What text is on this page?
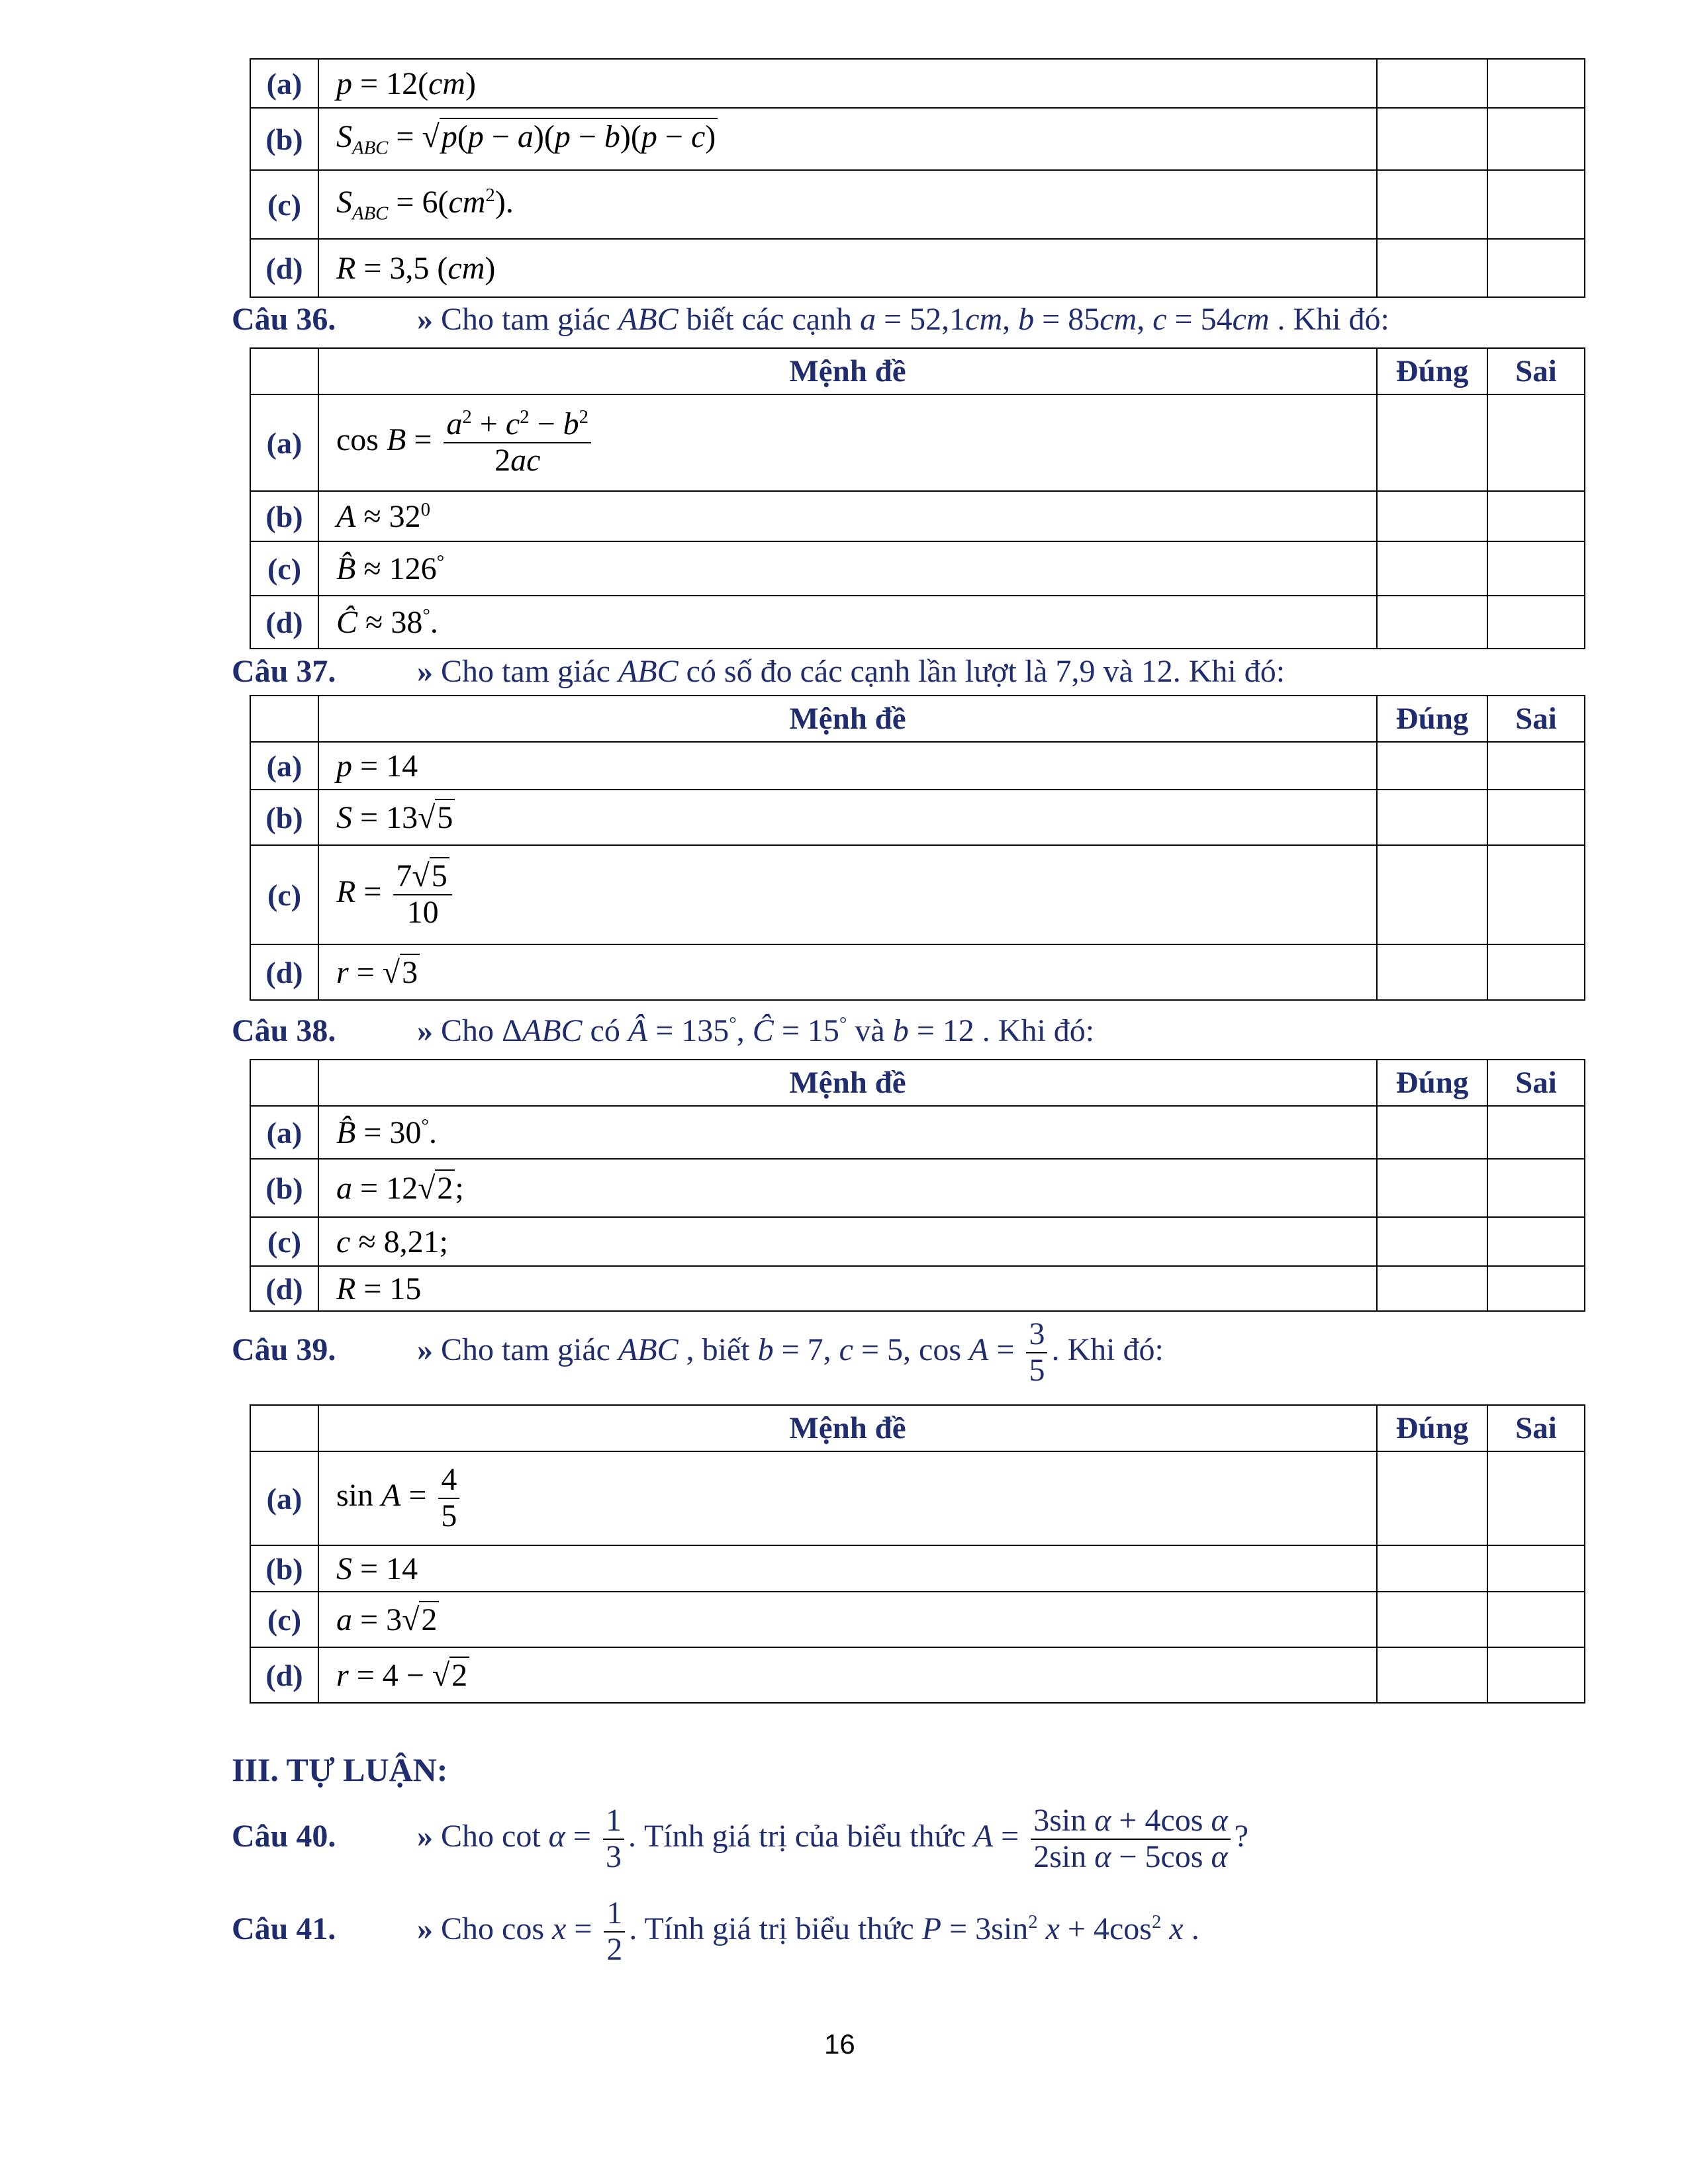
(a)	p = 12(cm)		
(b)	$S_{ABC} = √p(p - a)(p - b)(p - c)$		
(c)	$S_{ABC} = 6(cm^2)$.		
(d)	R = 3,5 (cm)		
Câu 36.	» Cho tam giác ABC biết các cạnh a = 52,1cm, b = 85cm, c = 54cm . Khi đó:
	Mệnh đề	Đúng	Sai
(a)	$\cos B = \frac{a^2 + c^2 - b^2}{2ac}$

(b)	$A \approx 32^0$		
(c)	B̂ ≈ 126°		
(d)	Ĉ ≈ 38°.		
Câu 37.	» Cho tam giác ABC có số đo các cạnh lần lượt là 7,9 và 12. Khi đó:
	Mệnh đề	Đúng	Sai
(a)	p = 14		
(b)	S = 13√5		
(c)	$R = \frac{7√5}{10}$

(d)	r = √3		
Câu 38.	» Cho ΔABC có Â = 135°, Ĉ = 15° và b = 12 . Khi đó:
	Mệnh đề	Đúng	Sai
(a)	B̂ = 30°.		
(b)	a = 12√2;		
(c)	c ≈ 8,21;		
(d)	R = 15		
Câu 39.	» Cho tam giác ABC , biết b = 7, c = 5, $\cos A = \frac{3}{5}$ . Khi đó:
	Mệnh đề	Đúng	Sai
(a)	$\sin A = \frac{4}{5}$

(b)	S = 14		
(c)	a = 3√2		
(d)	r = 4 − √2		
III. TỰ LUẬN:
Câu 40.	» Cho $\cot \alpha = \frac{1}{3}$ . Tính giá trị của biểu thức $A = \frac{\text{3sin α + 4cos α}}{\text{2sin α − 5cos α}}$ ?
Câu 41.	» Cho $\cos x = \frac{1}{2}$ . Tính giá trị biểu thức $P = 3\sin^2$ $x + 4\cos^2$ x .
16
